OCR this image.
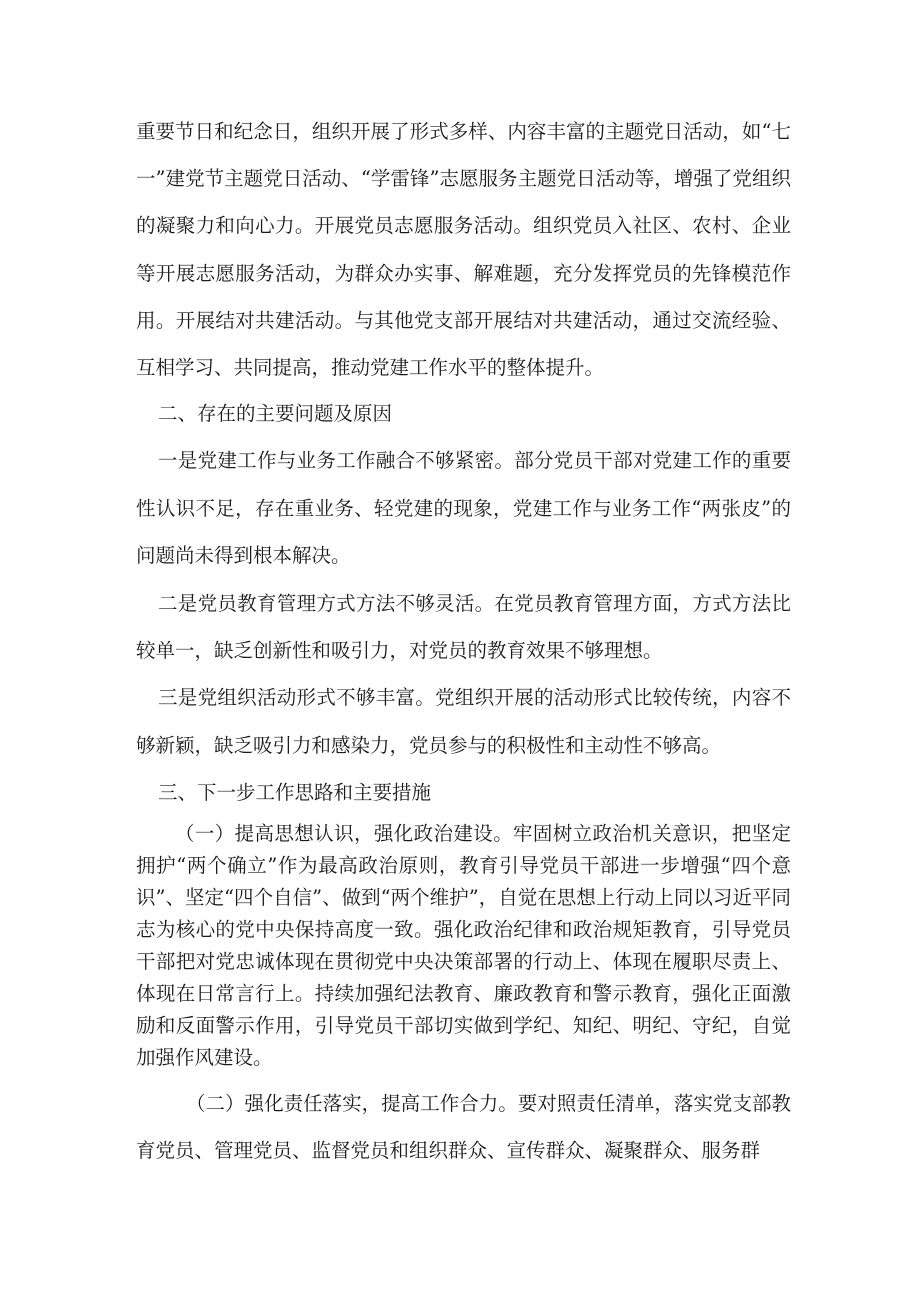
重要节日和纪念日，组织开展了形式多样、内容丰富的主题党日活动，如“七一”建党节主题党日活动、“学雷锋”志愿服务主题党日活动等，增强了党组织的凝聚力和向心力。开展党员志愿服务活动。组织党员入社区、农村、企业等开展志愿服务活动，为群众办实事、解难题，充分发挥党员的先锋模范作用。开展结对共建活动。与其他党支部开展结对共建活动，通过交流经验、互相学习、共同提高，推动党建工作水平的整体提升。

二、存在的主要问题及原因

一是党建工作与业务工作融合不够紧密。部分党员干部对党建工作的重要性认识不足，存在重业务、轻党建的现象，党建工作与业务工作“两张皮”的问题尚未得到根本解决。

二是党员教育管理方式方法不够灵活。在党员教育管理方面，方式方法比较单一，缺乏创新性和吸引力，对党员的教育效果不够理想。

三是党组织活动形式不够丰富。党组织开展的活动形式比较传统，内容不够新颖，缺乏吸引力和感染力，党员参与的积极性和主动性不够高。

三、下一步工作思路和主要措施

（一）提高思想认识，强化政治建设。牢固树立政治机关意识，把坚定拥护“两个确立”作为最高政治原则，教育引导党员干部进一步增强“四个意识”、坚定“四个自信”、做到“两个维护”，自觉在思想上行动上同以习近平同志为核心的党中央保持高度一致。强化政治纪律和政治规矩教育，引导党员干部把对党忠诚体现在贯彻党中央决策部署的行动上、体现在履职尽责上、体现在日常言行上。持续加强纪法教育、廉政教育和警示教育，强化正面激励和反面警示作用，引导党员干部切实做到学纪、知纪、明纪、守纪，自觉加强作风建设。

（二）强化责任落实，提高工作合力。要对照责任清单，落实党支部教育党员、管理党员、监督党员和组织群众、宣传群众、凝聚群众、服务群
